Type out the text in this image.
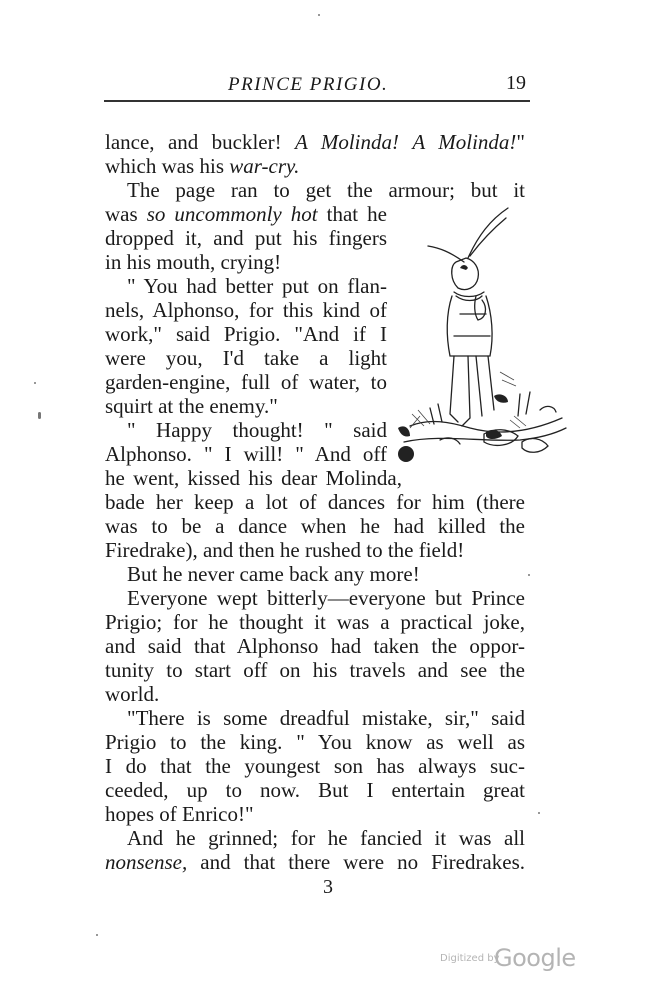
PRINCE PRIGIO.	19
lance, and buckler! A Molinda! A Molinda!"
which was his war-cry.
The page ran to get the armour; but it
was so uncommonly hot that he
dropped it, and put his fingers
in his mouth, crying!
" You had better put on flan-
nels, Alphonso, for this kind of
work," said Prigio. "And if I
were you, I'd take a light
garden-engine, full of water, to
squirt at the enemy."
" Happy thought! " said
Alphonso. " I will! " And off
he went, kissed his dear Molinda,
bade her keep a lot of dances for him (there
was to be a dance when he had killed the
Firedrake), and then he rushed to the field!
But he never came back any more!
Everyone wept bitterly—everyone but Prince
Prigio; for he thought it was a practical joke,
and said that Alphonso had taken the oppor-
tunity to start off on his travels and see the
world.
"There is some dreadful mistake, sir," said
Prigio to the king. " You know as well as
I do that the youngest son has always suc-
ceeded, up to now. But I entertain great
hopes of Enrico!"
And he grinned; for he fancied it was all
nonsense, and that there were no Firedrakes.
3
Digitized by
Google
